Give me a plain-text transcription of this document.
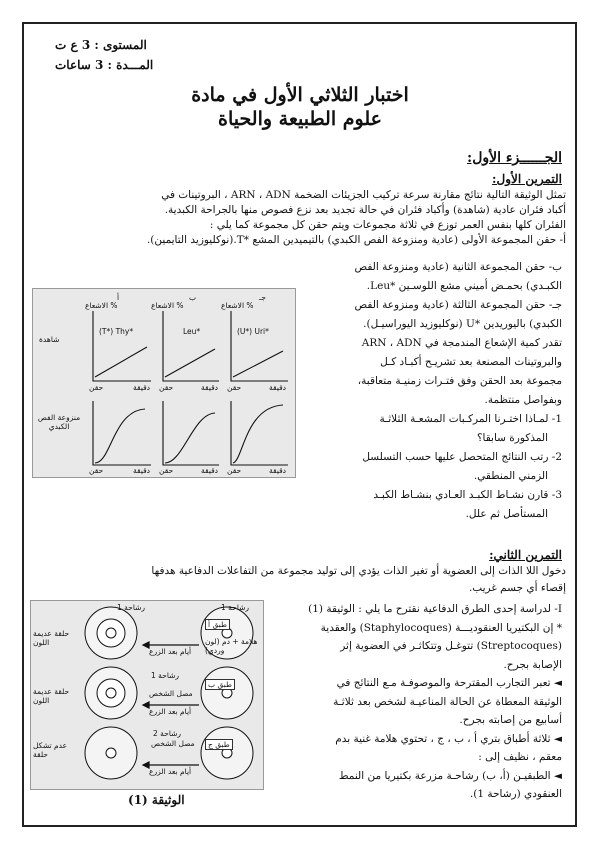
المستوى : 3 ع ت
المـــدة : 3 ساعات
اختبار الثلاثي الأول في مادة
علوم الطبيعة والحياة
الجــــــزء الأول:
التمرين الأول:
تمثل الوثيقة التالية نتائج مقارنة سرعة تركيب الجزيئات الضخمة ARN ، ADN ، البروتينات في
أكباد فئران عادية (شاهدة) وأكباد فئران في حالة تجديد بعد نزع فصوص منها بالجراحة الكبدية.
الفئران كلها بنفس العمر توزع في ثلاثة مجموعات ويتم حقن كل مجموعة كما يلي :
أ- حقن المجموعة الأولى (عادية ومنزوعة الفص الكبدي) بالتيميدين المشع *T.(نوكليوزيد التايمين).
ب- حقن المجموعة الثانية (عادية ومنزوعة الفص
الكبـدي) بحمـض أميني مشع اللوسـين *Leu.
جـ- حقن المجموعة الثالثة (عادية ومنزوعة الفص
الكبدي) باليوريدين *U (نوكليوزيد اليوراسيـل).
تقدر كمية الإشعاع المندمجة في ARN ، ADN
والبروتينات المصنعة بعد تشريـح أكبـاد كـل
مجموعة بعد الحقن وفق فتـرات زمنيـة متعاقبة،
وبفواصل منتظمة.
1- لمـاذا اختـرنا المركـبات المشعـة الثلاثـة
المذكورة سابقا؟
2- رتب النتائج المتحصل عليها حسب التسلسل
الزمني المنطقي.
3- قارن نشـاط الكبـد العـادي بنشـاط الكبـد
المستأصل ثم علل.
أ	ب	جـ
الاشعاع %	الاشعاع %	الاشعاع %
(T*) Thy*	Leu*	(U*) Uri*
شاهدة
منزوعة الفص الكبدي
حقن	دقيقة حقن	دقيقة حقن	دقيقة
حقن	دقيقة حقن	دقيقة حقن	دقيقة
التمرين الثاني:
دخول اللا الذات إلى العضوية أو تغير الذات يؤدي إلى توليد مجموعة من التفاعلات الدفاعية هدفها
إقصاء أي جسم غريب.
I- لدراسة إحدى الطرق الدفاعية نقترح ما يلي : الوثيقة (1)
* إن البكتيريا العنقوديـــة (Staphylocoques) والعقدية
(Streptocoques) تتوغـل وتتكاثـر في العضوية إثر
الإصابة بجرح.
◄ تعبر التجارب المقترحة والموصوفـة مـع النتائج في
الوثيقة المعطاة عن الحالة المناعيـة لشخص بعد ثلاثـة
أسابيع من إصابته بجرح.
◄ ثلاثة أطباق بتري أ ، ب ، ج ، تحتوي هلامة غنية بدم
معقم ، نظيف إلى :
◄ الطبقيـن (أ، ب) رشاحـة مزرعة بكتيريا من النمط
العنقودي (رشاحة 1).
طبق أ
طبق ب
طبق ج
رشاحة 1
رشاحة 1
رشاحة 1
رشاحة 2
حلقة عديمة اللون
حلقة عديمة اللون
عدم تشكل حلقة
مصل الشخص
مصل الشخص
هلامة + دم (لون وردي)
أيام بعد الزرع
أيام بعد الزرع
أيام بعد الزرع
الوثيقة (1)
